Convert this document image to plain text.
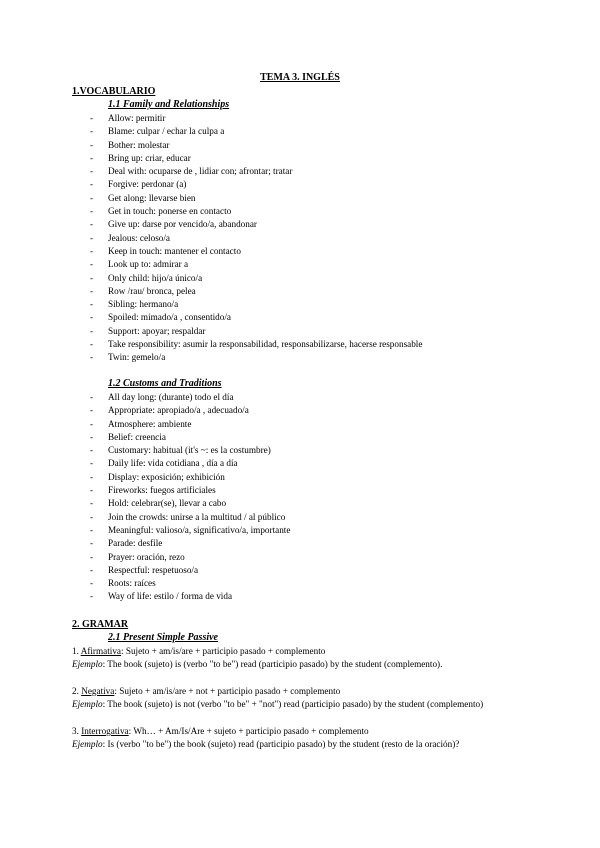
TEMA 3. INGLÉS
1.VOCABULARIO
1.1 Family and Relationships
- Allow: permitir
- Blame: culpar / echar la culpa a
- Bother: molestar
- Bring up: criar, educar
- Deal with: ocuparse de , lidiar con; afrontar; tratar
- Forgive: perdonar (a)
- Get along: llevarse bien
- Get in touch: ponerse en contacto
- Give up: darse por vencido/a, abandonar
- Jealous: celoso/a
- Keep in touch: mantener el contacto
- Look up to: admirar a
- Only child: hijo/a único/a
- Row /rau/ bronca, pelea
- Sibling: hermano/a
- Spoiled: mimado/a , consentido/a
- Support: apoyar; respaldar
- Take responsibility: asumir la responsabilidad, responsabilizarse, hacerse responsable
- Twin: gemelo/a
1.2 Customs and Traditions
- All day long: (durante) todo el día
- Appropriate: apropiado/a , adecuado/a
- Atmosphere: ambiente
- Belief: creencia
- Customary: habitual (it's ~: es la costumbre)
- Daily life: vida cotidiana , día a día
- Display: exposición; exhibición
- Fireworks: fuegos artificiales
- Hold: celebrar(se), llevar a cabo
- Join the crowds: unirse a la multitud / al público
- Meaningful: valioso/a, significativo/a, importante
- Parade: desfile
- Prayer: oración, rezo
- Respectful: respetuoso/a
- Roots: raíces
- Way of life: estilo / forma de vida
2. GRAMAR
2.1 Present Simple Passive
1. Afirmativa: Sujeto + am/is/are + participio pasado + complemento
Ejemplo: The book (sujeto) is (verbo "to be") read (participio pasado) by the student (complemento).
2. Negativa: Sujeto + am/is/are + not + participio pasado + complemento
Ejemplo: The book (sujeto) is not (verbo "to be" + "not") read (participio pasado) by the student (complemento)
3. Interrogativa: Wh… + Am/Is/Are + sujeto + participio pasado + complemento
Ejemplo: Is (verbo "to be") the book (sujeto) read (participio pasado) by the student (resto de la oración)?
